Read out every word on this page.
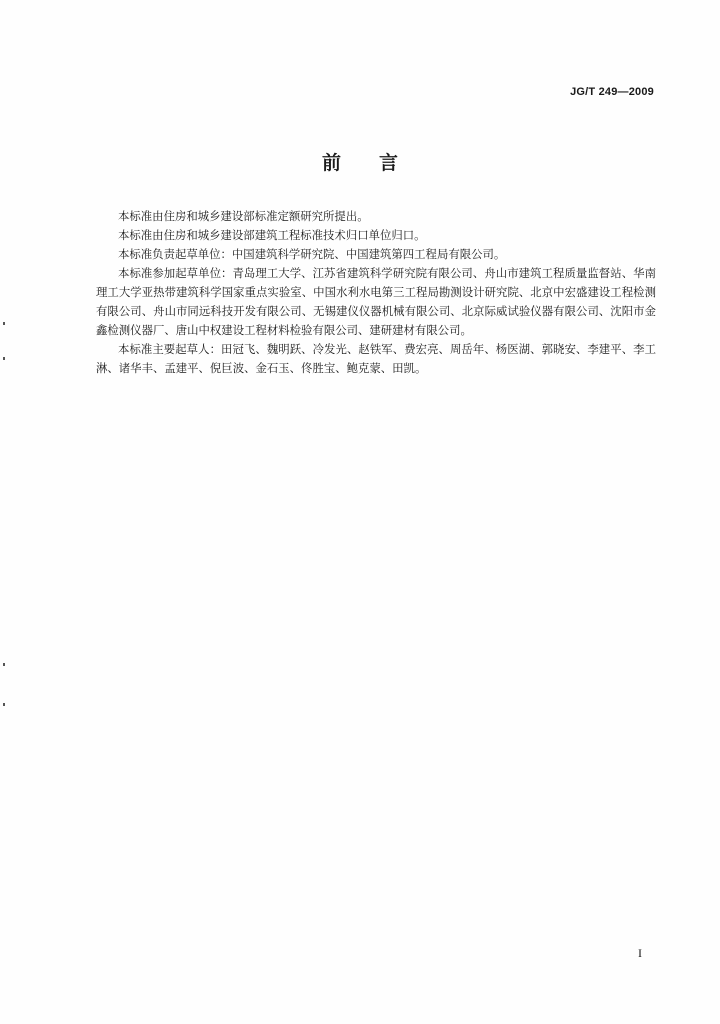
JG/T 249—2009
前言

本标准由住房和城乡建设部标准定额研究所提出。

本标准由住房和城乡建设部建筑工程标准技术归口单位归口。

本标准负责起草单位：中国建筑科学研究院、中国建筑第四工程局有限公司。

本标准参加起草单位：青岛理工大学、江苏省建筑科学研究院有限公司、舟山市建筑工程质量监督站、华南理工大学亚热带建筑科学国家重点实验室、中国水利水电第三工程局勘测设计研究院、北京中宏盛建设工程检测有限公司、舟山市同远科技开发有限公司、无锡建仪仪器机械有限公司、北京际威试验仪器有限公司、沈阳市金鑫检测仪器厂、唐山中权建设工程材料检验有限公司、建研建材有限公司。

本标准主要起草人：田冠飞、魏明跃、冷发光、赵铁军、费宏亮、周岳年、杨医湖、郭晓安、李建平、李工淋、诸华丰、孟建平、倪巨波、金石玉、佟胜宝、鲍克蒙、田凯。

I
